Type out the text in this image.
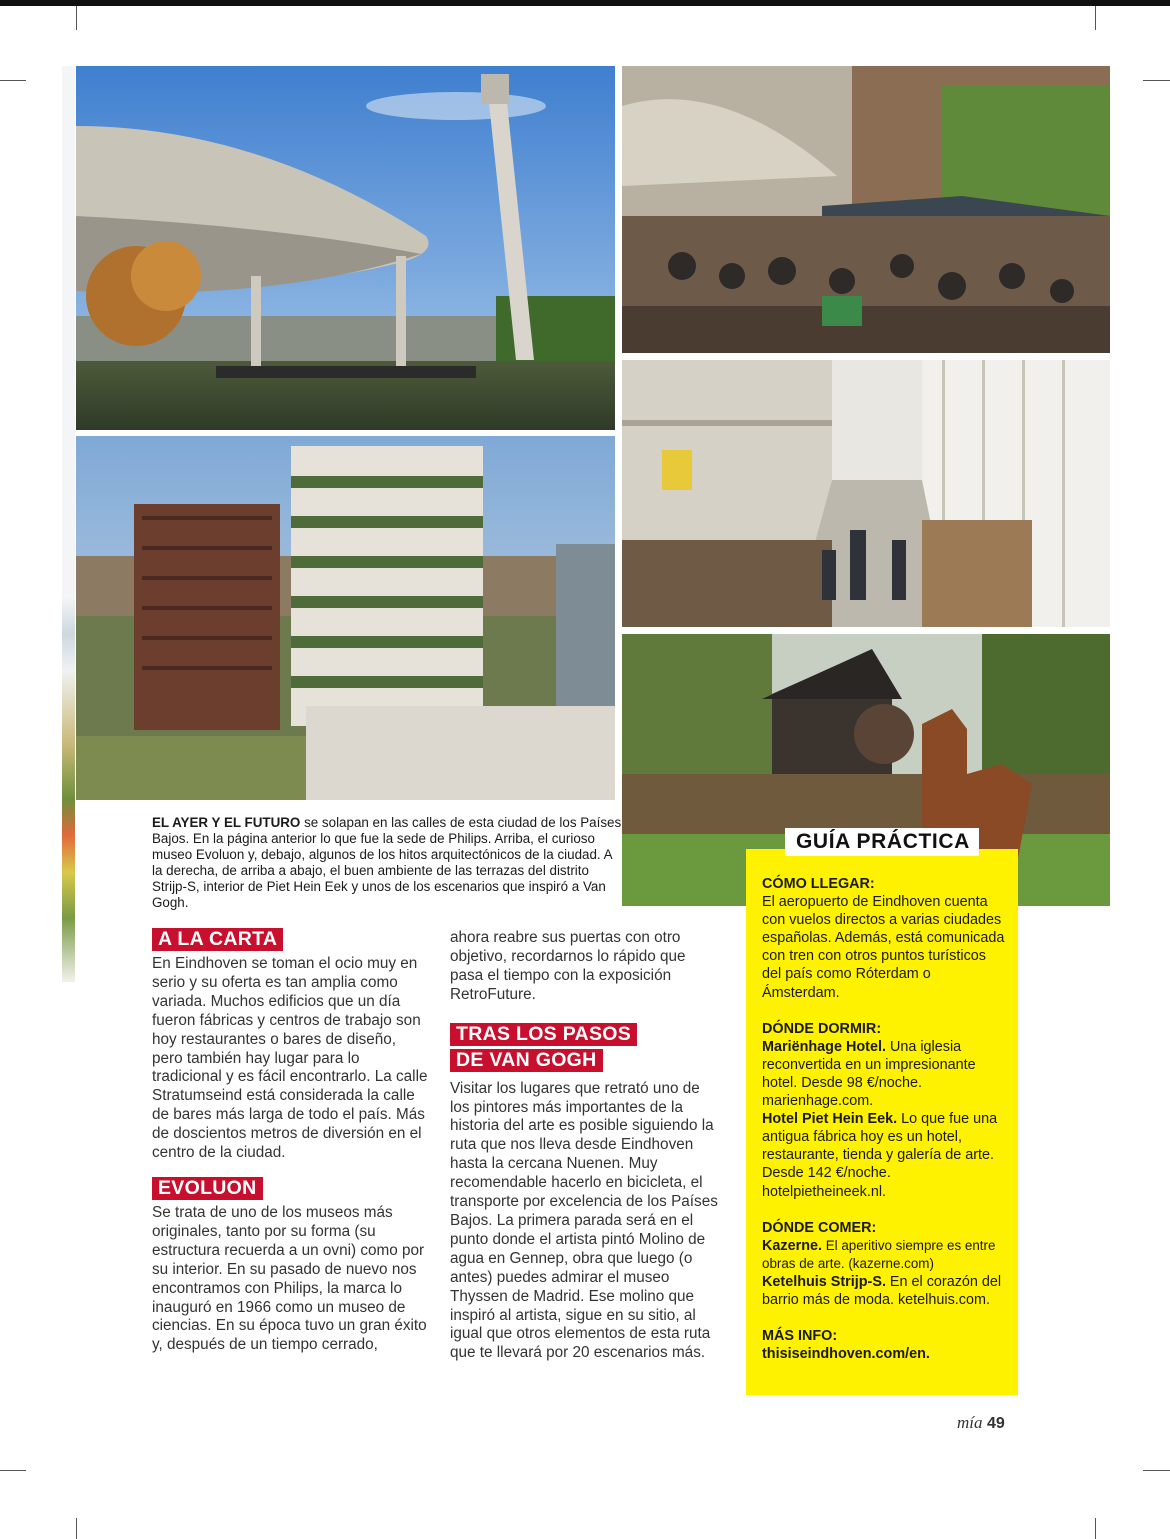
EL AYER Y EL FUTURO se solapan en las calles de esta ciudad de los Países Bajos. En la página anterior lo que fue la sede de Philips. Arriba, el curioso museo Evoluon y, debajo, algunos de los hitos arquitectónicos de la ciudad. A la derecha, de arriba a abajo, el buen ambiente de las terrazas del distrito Strijp-S, interior de Piet Hein Eek y unos de los escenarios que inspiró a Van Gogh.
A LA CARTA

En Eindhoven se toman el ocio muy en serio y su oferta es tan amplia como variada. Muchos edificios que un día fueron fábricas y centros de trabajo son hoy restaurantes o bares de diseño, pero también hay lugar para lo tradicional y es fácil encontrarlo. La calle Stratumseind está considerada la calle de bares más larga de todo el país. Más de doscientos metros de diversión en el centro de la ciudad.

EVOLUON

Se trata de uno de los museos más originales, tanto por su forma (su estructura recuerda a un ovni) como por su interior. En su pasado de nuevo nos encontramos con Philips, la marca lo inauguró en 1966 como un museo de ciencias. En su época tuvo un gran éxito y, después de un tiempo cerrado,

ahora reabre sus puertas con otro objetivo, recordarnos lo rápido que pasa el tiempo con la exposición RetroFuture.

TRAS LOS PASOS
DE VAN GOGH

Visitar los lugares que retrató uno de los pintores más importantes de la historia del arte es posible siguiendo la ruta que nos lleva desde Eindhoven hasta la cercana Nuenen. Muy recomendable hacerlo en bicicleta, el transporte por excelencia de los Países Bajos. La primera parada será en el punto donde el artista pintó Molino de agua en Gennep, obra que luego (o antes) puedes admirar el museo Thyssen de Madrid. Ese molino que inspiró al artista, sigue en su sitio, al igual que otros elementos de esta ruta que te llevará por 20 escenarios más.

GUÍA PRÁCTICA
CÓMO LLEGAR:
El aeropuerto de Eindhoven cuenta con vuelos directos a varias ciudades españolas. Además, está comunicada con tren con otros puntos turísticos del país como Róterdam o Ámsterdam.
DÓNDE DORMIR:
Mariënhage Hotel. Una iglesia reconvertida en un impresionante hotel. Desde 98 €/noche. marienhage.com.
Hotel Piet Hein Eek. Lo que fue una antigua fábrica hoy es un hotel, restaurante, tienda y galería de arte. Desde 142 €/noche. hotelpietheineek.nl.
DÓNDE COMER:
Kazerne. El aperitivo siempre es entre obras de arte. (kazerne.com)
Ketelhuis Strijp-S. En el corazón del barrio más de moda. ketelhuis.com.
MÁS INFO:
thisiseindhoven.com/en.
mía 49
